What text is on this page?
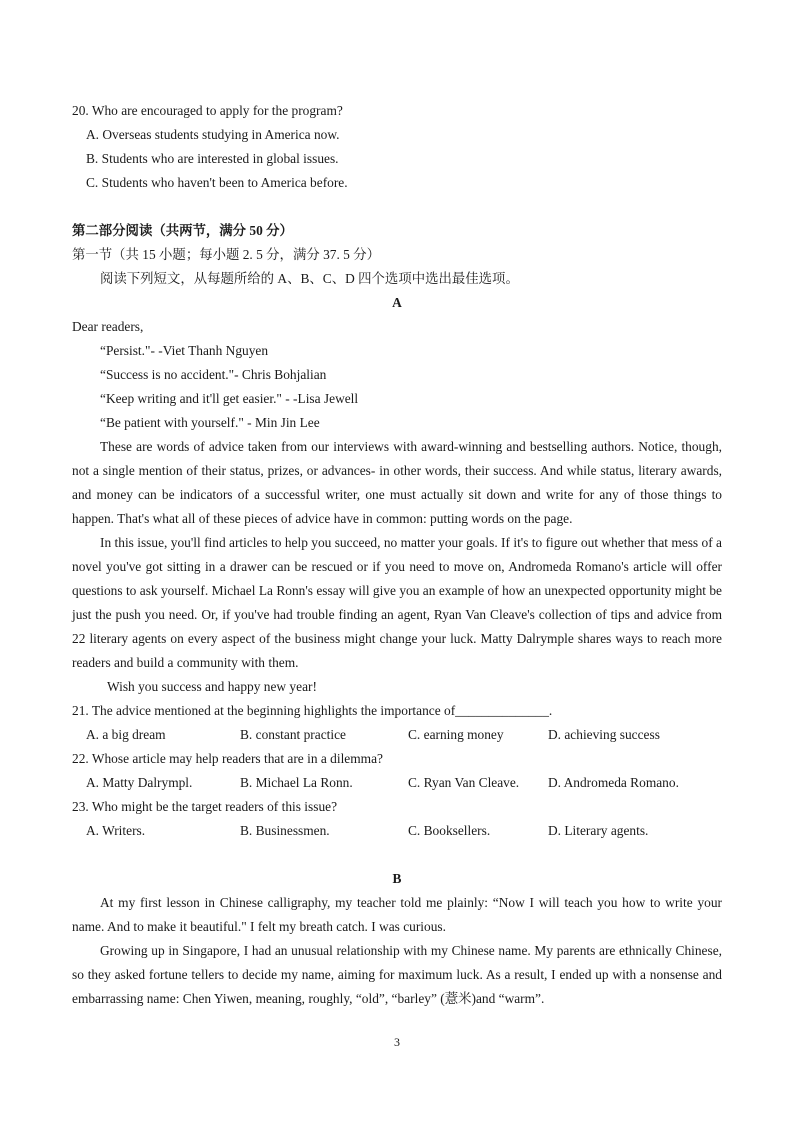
20. Who are encouraged to apply for the program?
A. Overseas students studying in America now.
B. Students who are interested in global issues.
C. Students who haven't been to America before.
第二部分阅读（共两节，满分 50 分）
第一节（共 15 小题；每小题 2. 5 分，满分 37. 5 分）
阅读下列短文，从每题所给的 A、B、C、D 四个选项中选出最佳选项。
A
Dear readers,
“Persist."- -Viet Thanh Nguyen
“Success is no accident."- Chris Bohjalian
“Keep writing and it'll get easier." - -Lisa Jewell
“Be patient with yourself." - Min Jin Lee
These are words of advice taken from our interviews with award-winning and bestselling authors. Notice, though, not a single mention of their status, prizes, or advances- in other words, their success. And while status, literary awards, and money can be indicators of a successful writer, one must actually sit down and write for any of those things to happen. That's what all of these pieces of advice have in common: putting words on the page.
In this issue, you'll find articles to help you succeed, no matter your goals. If it's to figure out whether that mess of a novel you've got sitting in a drawer can be rescued or if you need to move on, Andromeda Romano's article will offer questions to ask yourself. Michael La Ronn's essay will give you an example of how an unexpected opportunity might be just the push you need. Or, if you've had trouble finding an agent, Ryan Van Cleave's collection of tips and advice from 22 literary agents on every aspect of the business might change your luck. Matty Dalrymple shares ways to reach more readers and build a community with them.
Wish you success and happy new year!
21. The advice mentioned at the beginning highlights the importance of______________.
A. a big dream	B. constant practice	C. earning money	D. achieving success
22. Whose article may help readers that are in a dilemma?
A. Matty Dalrympl.	B. Michael La Ronn.	C. Ryan Van Cleave. D. Andromeda Romano.
23. Who might be the target readers of this issue?
A. Writers.	B. Businessmen.	C. Booksellers.	D. Literary agents.
B
At my first lesson in Chinese calligraphy, my teacher told me plainly: “Now I will teach you how to write your name. And to make it beautiful." I felt my breath catch. I was curious.
Growing up in Singapore, I had an unusual relationship with my Chinese name. My parents are ethnically Chinese, so they asked fortune tellers to decide my name, aiming for maximum luck. As a result, I ended up with a nonsense and embarrassing name: Chen Yiwen, meaning, roughly, “old”, “barley” (薏米)and “warm”.
3
